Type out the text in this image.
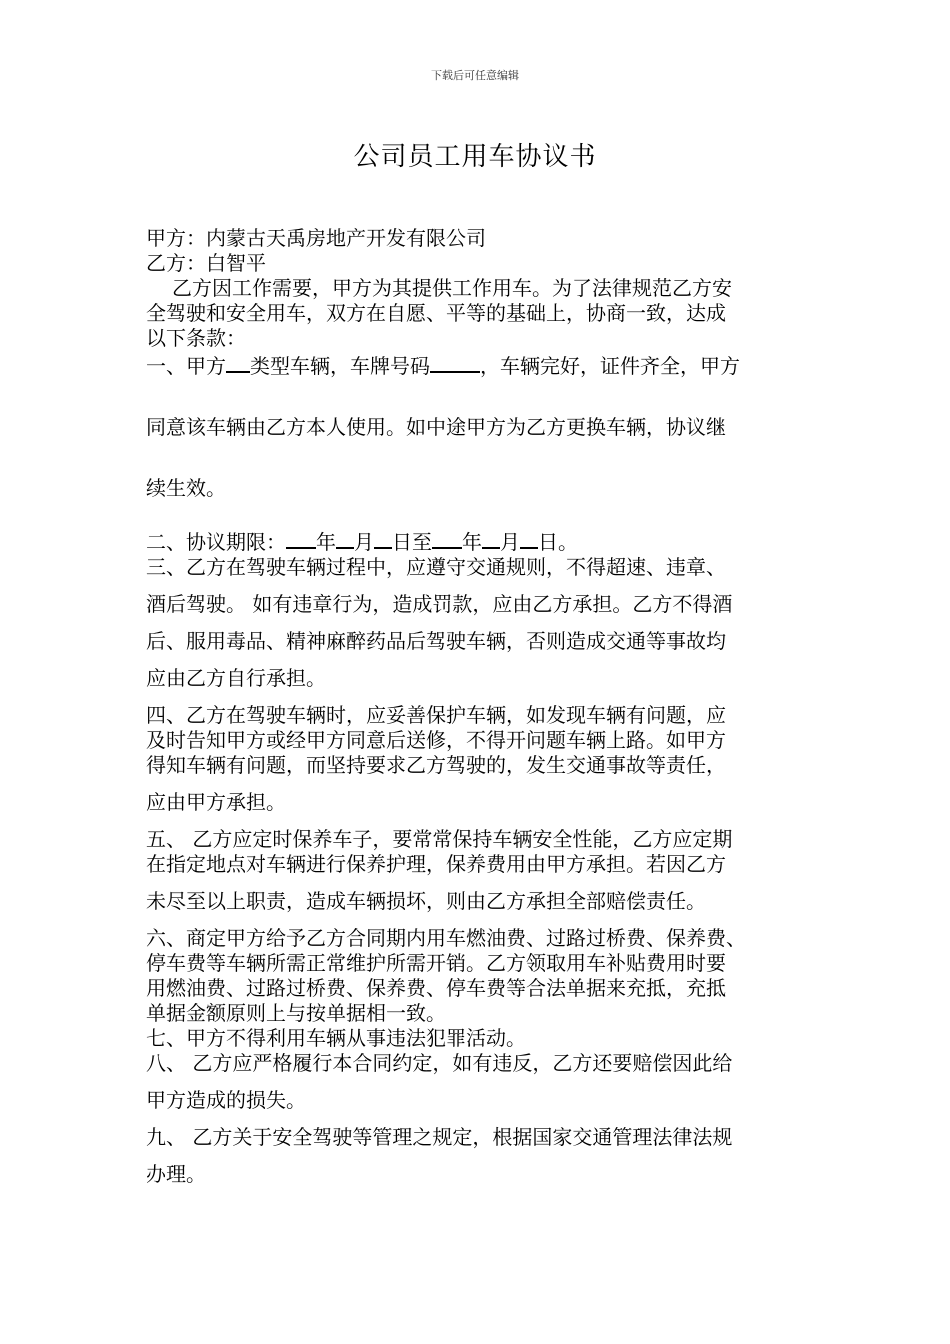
下载后可任意编辑
公司员工用车协议书
甲方：内蒙古天禹房地产开发有限公司
乙方：白智平
乙方因工作需要，甲方为其提供工作用车。为了法律规范乙方安
全驾驶和安全用车，双方在自愿、平等的基础上，协商一致，达成
以下条款：
一、甲方 类型车辆，车牌号码	，车辆完好，证件齐全，甲方
同意该车辆由乙方本人使用。如中途甲方为乙方更换车辆，协议继
续生效。
二、协议期限： 年 月 日至 年 月 日。
三、乙方在驾驶车辆过程中，应遵守交通规则，不得超速、违章、
酒后驾驶。 如有违章行为，造成罚款，应由乙方承担。乙方不得酒
后、服用毒品、精神麻醉药品后驾驶车辆，否则造成交通等事故均
应由乙方自行承担。
四、乙方在驾驶车辆时，应妥善保护车辆，如发现车辆有问题，应
及时告知甲方或经甲方同意后送修，不得开问题车辆上路。如甲方
得知车辆有问题，而坚持要求乙方驾驶的，发生交通事故等责任，
应由甲方承担。
五、 乙方应定时保养车子，要常常保持车辆安全性能，乙方应定期
在指定地点对车辆进行保养护理，保养费用由甲方承担。若因乙方
未尽至以上职责，造成车辆损坏，则由乙方承担全部赔偿责任。
六、商定甲方给予乙方合同期内用车燃油费、过路过桥费、保养费、
停车费等车辆所需正常维护所需开销。乙方领取用车补贴费用时要
用燃油费、过路过桥费、保养费、停车费等合法单据来充抵，充抵
单据金额原则上与按单据相一致。
七、甲方不得利用车辆从事违法犯罪活动。
八、 乙方应严格履行本合同约定，如有违反，乙方还要赔偿因此给
甲方造成的损失。
九、 乙方关于安全驾驶等管理之规定，根据国家交通管理法律法规
办理。
